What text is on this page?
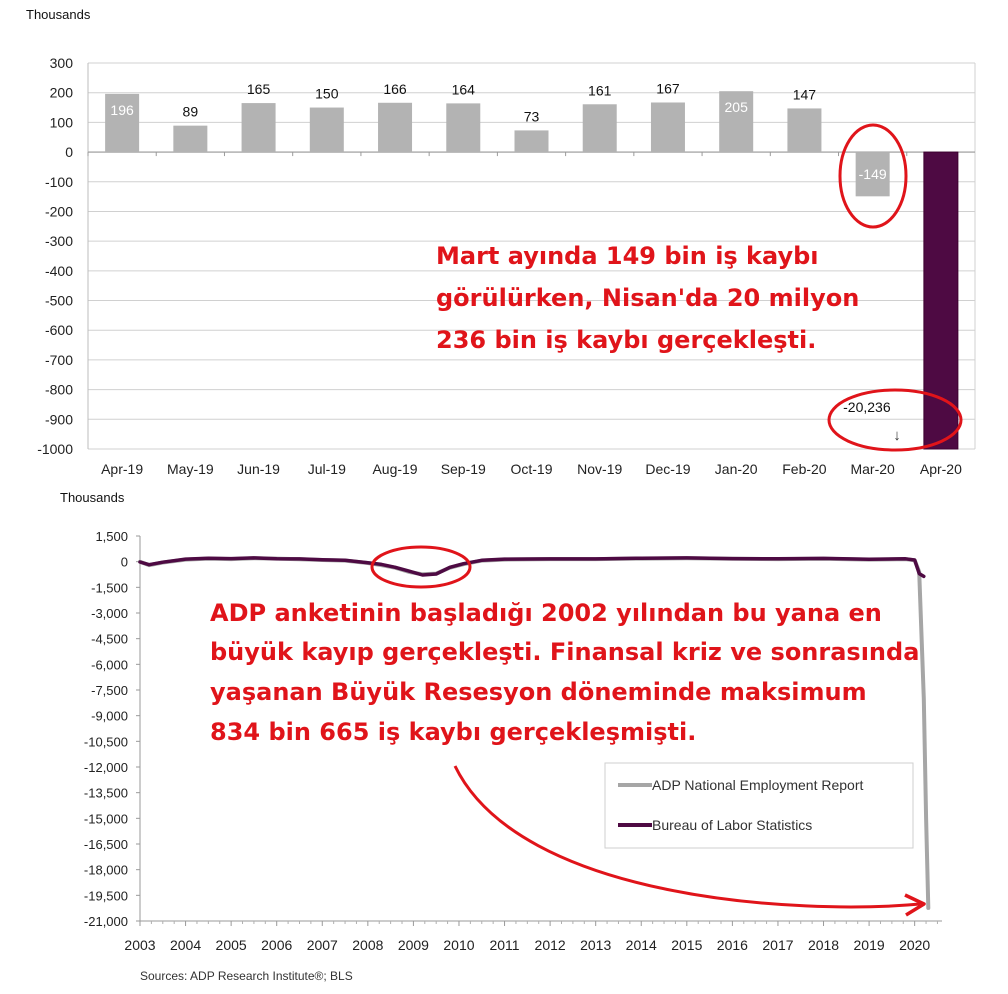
Thousands
300
200
100
0
-100
-200
-300
-400
-500
-600
-700
-800
-900
-1000
Apr-19 May-19 Jun-19 Jul-19 Aug-19 Sep-19 Oct-19 Nov-19 Dec-19 Jan-20 Feb-20 Mar-20 Apr-20
196	89
165	150	166	164
73
161	167
205
147
-149
-20,236
↓
Mart ayında 149 bin iş kaybı
görülürken, Nisan'da 20 milyon
236 bin iş kaybı gerçekleşti.
Thousands
1,500
0
-1,500
-3,000
-4,500
-6,000
-7,500
-9,000
-10,500
-12,000
-13,500
-15,000
-16,500
-18,000
-19,500
-21,000
2003 2004 2005 2006 2007 2008 2009 2010 2011 2012 2013 2014 2015 2016 2017 2018 2019 2020
ADP National Employment Report
Bureau of Labor Statistics
ADP anketinin başladığı 2002 yılından bu yana en
büyük kayıp gerçekleşti. Finansal kriz ve sonrasında
yaşanan Büyük Resesyon döneminde maksimum
834 bin 665 iş kaybı gerçekleşmişti.
Sources: ADP Research Institute®; BLS
